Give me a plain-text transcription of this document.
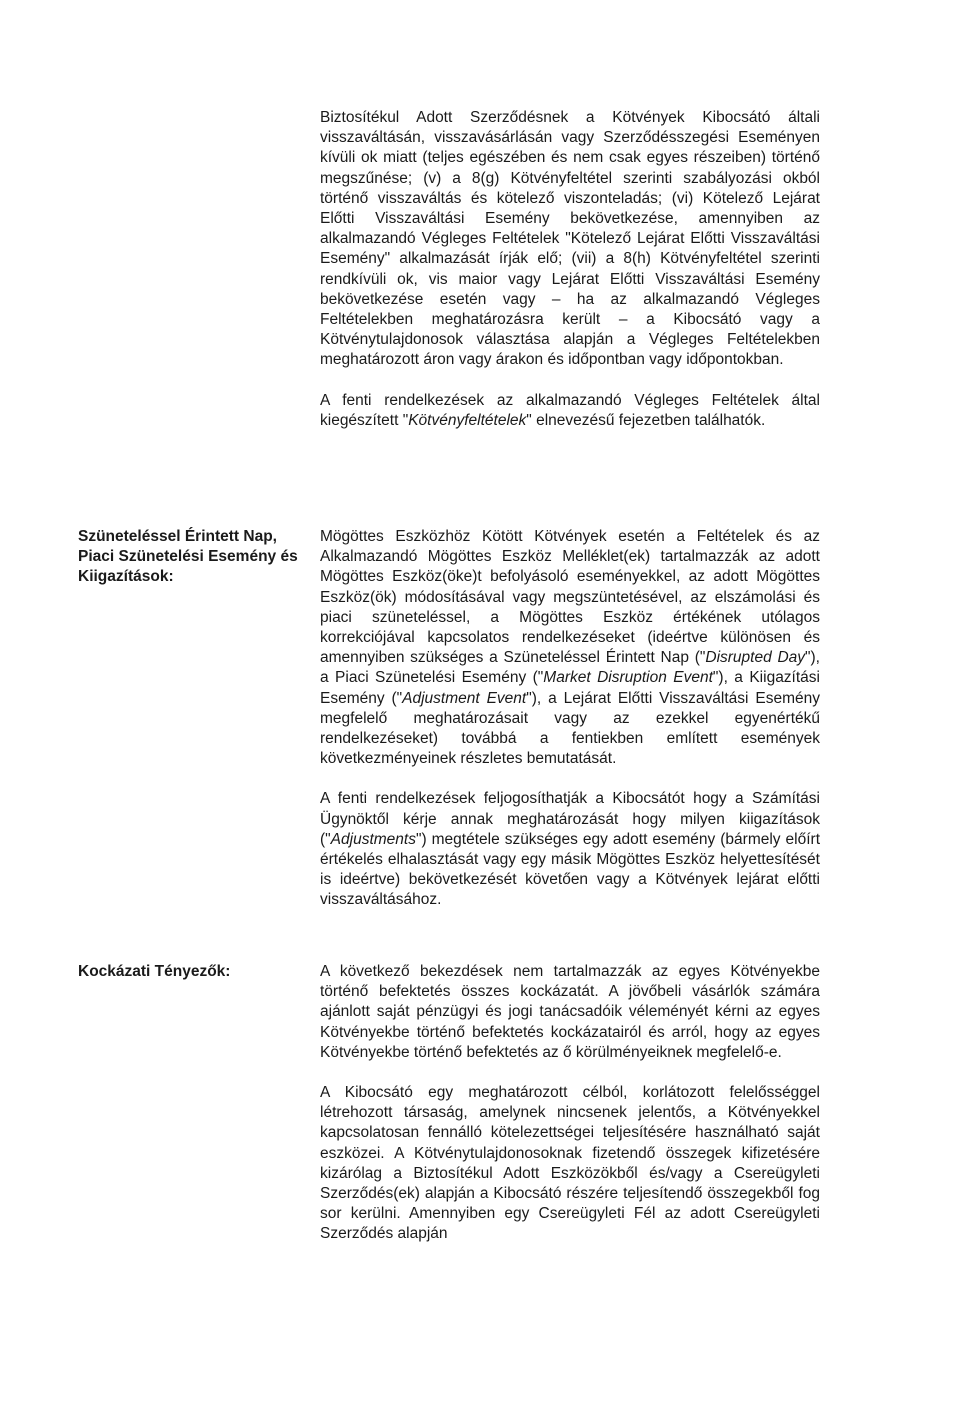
Biztosítékul Adott Szerződésnek a Kötvények Kibocsátó általi visszaváltásán, visszavásárlásán vagy Szerződésszegési Eseményen kívüli ok miatt (teljes egészében és nem csak egyes részeiben) történő megszűnése; (v) a 8(g) Kötvényfeltétel szerinti szabályozási okból történő visszaváltás és kötelező viszonteladás; (vi) Kötelező Lejárat Előtti Visszaváltási Esemény bekövetkezése, amennyiben az alkalmazandó Végleges Feltételek "Kötelező Lejárat Előtti Visszaváltási Esemény" alkalmazását írják elő; (vii) a 8(h) Kötvényfeltétel szerinti rendkívüli ok, vis maior vagy Lejárat Előtti Visszaváltási Esemény bekövetkezése esetén vagy – ha az alkalmazandó Végleges Feltételekben meghatározásra került – a Kibocsátó vagy a Kötvénytulajdonosok választása alapján a Végleges Feltételekben meghatározott áron vagy árakon és időpontban vagy időpontokban.

A fenti rendelkezések az alkalmazandó Végleges Feltételek által kiegészített "Kötvényfeltételek" elnevezésű fejezetben találhatók.

Szüneteléssel Érintett Nap, Piaci Szünetelési Esemény és Kiigazítások:

Mögöttes Eszközhöz Kötött Kötvények esetén a Feltételek és az Alkalmazandó Mögöttes Eszköz Melléklet(ek) tartalmazzák az adott Mögöttes Eszköz(öke)t befolyásoló eseményekkel, az adott Mögöttes Eszköz(ök) módosításával vagy megszüntetésével, az elszámolási és piaci szüneteléssel, a Mögöttes Eszköz értékének utólagos korrekciójával kapcsolatos rendelkezéseket (ideértve különösen és amennyiben szükséges a Szüneteléssel Érintett Nap ("Disrupted Day"), a Piaci Szünetelési Esemény ("Market Disruption Event"), a Kiigazítási Esemény ("Adjustment Event"), a Lejárat Előtti Visszaváltási Esemény megfelelő meghatározásait vagy az ezekkel egyenértékű rendelkezéseket) továbbá a fentiekben említett események következményeinek részletes bemutatását.

A fenti rendelkezések feljogosíthatják a Kibocsátót hogy a Számítási Ügynöktől kérje annak meghatározását hogy milyen kiigazítások ("Adjustments") megtétele szükséges egy adott esemény (bármely előírt értékelés elhalasztását vagy egy másik Mögöttes Eszköz helyettesítését is ideértve) bekövetkezését követően vagy a Kötvények lejárat előtti visszaváltásához.

Kockázati Tényezők:	A következő bekezdések nem tartalmazzák az egyes Kötvényekbe történő befektetés összes kockázatát. A jövőbeli vásárlók számára ajánlott saját pénzügyi és jogi tanácsadóik véleményét kérni az egyes Kötvényekbe történő befektetés kockázatairól és arról, hogy az egyes Kötvényekbe történő befektetés az ő körülményeiknek megfelelő-e.

A Kibocsátó egy meghatározott célból, korlátozott felelősséggel létrehozott társaság, amelynek nincsenek jelentős, a Kötvényekkel kapcsolatosan fennálló kötelezettségei teljesítésére használható saját eszközei. A Kötvénytulajdonosoknak fizetendő összegek kifizetésére kizárólag a Biztosítékul Adott Eszközökből és/vagy a Csereügyleti Szerződés(ek) alapján a Kibocsátó részére teljesítendő összegekből fog sor kerülni. Amennyiben egy Csereügyleti Fél az adott Csereügyleti Szerződés alapján
